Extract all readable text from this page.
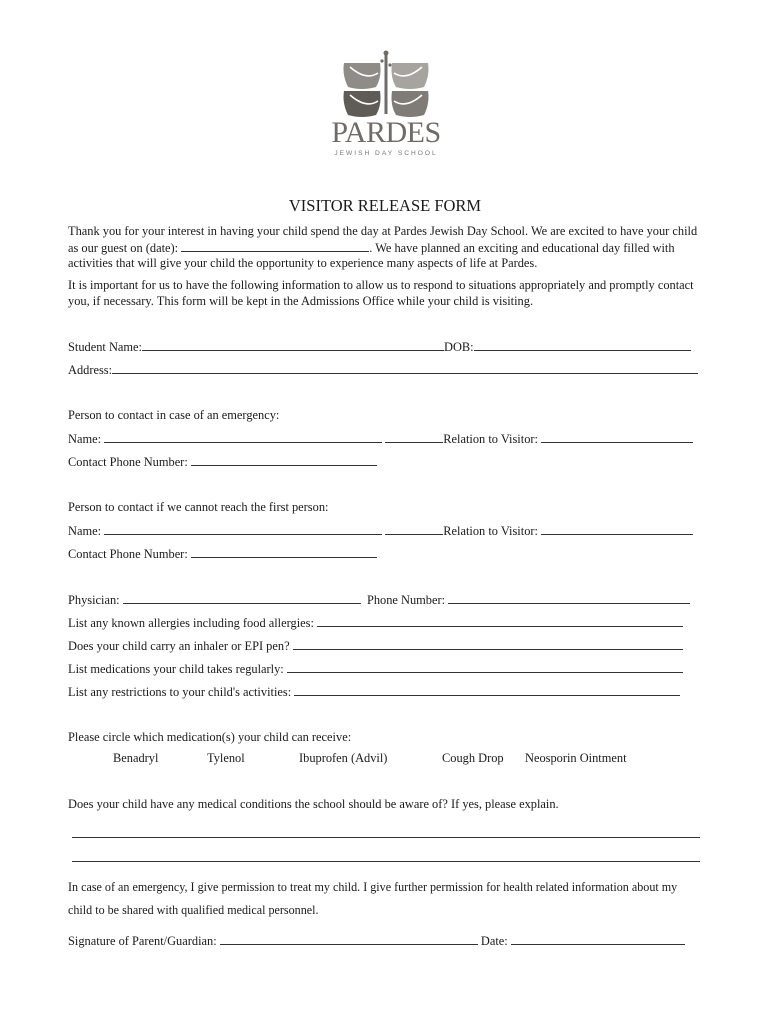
PARDES
JEWISH DAY SCHOOL
VISITOR RELEASE FORM
Thank you for your interest in having your child spend the day at Pardes Jewish Day School. We are excited to have your child as our guest on (date):	. We have planned an exciting and educational day filled with activities that will give your child the opportunity to experience many aspects of life at Pardes.
It is important for us to have the following information to allow us to respond to situations appropriately and promptly contact you, if necessary. This form will be kept in the Admissions Office while your child is visiting.
Student Name:	DOB:
Address:
Person to contact in case of an emergency:
Name:	Relation to Visitor:
Contact Phone Number:
Person to contact if we cannot reach the first person:
Name:	Relation to Visitor:
Contact Phone Number:
Physician:	Phone Number:
List any known allergies including food allergies:
Does your child carry an inhaler or EPI pen?
List medications your child takes regularly:
List any restrictions to your child's activities:
Please circle which medication(s) your child can receive:
Benadryl	Tylenol	Ibuprofen (Advil)	Cough Drop Neosporin Ointment
Does your child have any medical conditions the school should be aware of? If yes, please explain.
In case of an emergency, I give permission to treat my child. I give further permission for health related information about my
child to be shared with qualified medical personnel.
Signature of Parent/Guardian:	Date:
